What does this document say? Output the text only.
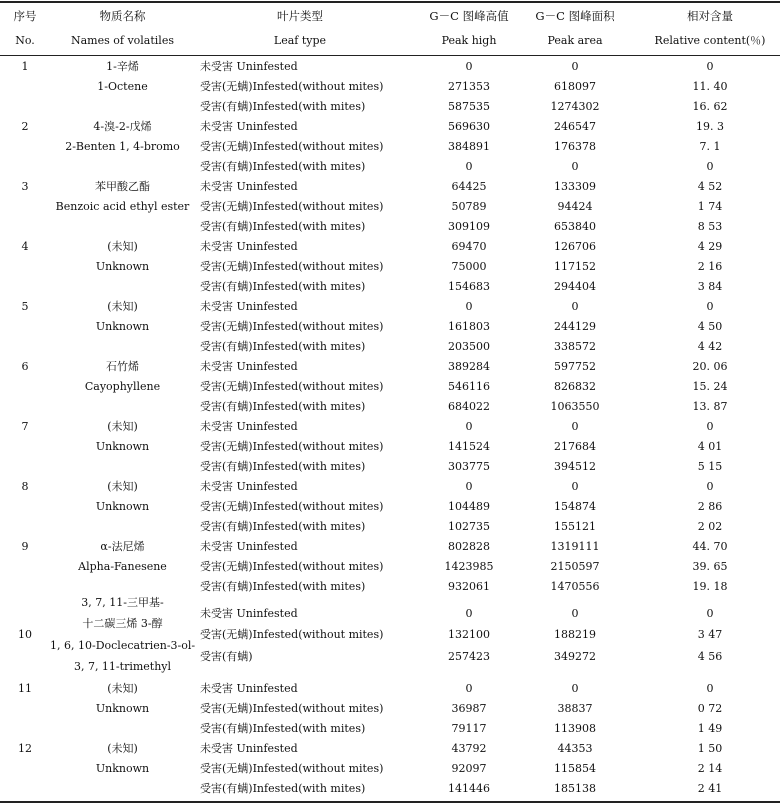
序号	物质名称	叶片类型	G－C 图峰高值	G－C 图峰面积	相对含量
No.	Names of volatiles	Leaf type	Peak high	Peak area	Relative content(％)
1	1-辛烯
1-Octene
未受害 Uninfested	0	0	0
受害(无螨)Infested(without mites)	271353	618097	11. 40
受害(有螨)Infested(with mites)	587535	1274302	16. 62
2	4-溴-2-戊烯
2-Benten 1, 4-bromo
未受害 Uninfested	569630	246547	19. 3
受害(无螨)Infested(without mites)	384891	176378	7. 1
受害(有螨)Infested(with mites)	0	0	0
3	苯甲酸乙酯
Benzoic acid ethyl ester
未受害 Uninfested	64425	133309	4 52
受害(无螨)Infested(without mites)	50789	94424	1 74
受害(有螨)Infested(with mites)	309109	653840	8 53
4	(未知)
Unknown
未受害 Uninfested	69470	126706	4 29
受害(无螨)Infested(without mites)	75000	117152	2 16
受害(有螨)Infested(with mites)	154683	294404	3 84
5	(未知)
Unknown
未受害 Uninfested	0	0	0
受害(无螨)Infested(without mites)	161803	244129	4 50
受害(有螨)Infested(with mites)	203500	338572	4 42
6	石竹烯
Cayophyllene
未受害 Uninfested	389284	597752	20. 06
受害(无螨)Infested(without mites)	546116	826832	15. 24
受害(有螨)Infested(with mites)	684022	1063550	13. 87
7	(未知)
Unknown
未受害 Uninfested	0	0	0
受害(无螨)Infested(without mites)	141524	217684	4 01
受害(有螨)Infested(with mites)	303775	394512	5 15
8	(未知)
Unknown
未受害 Uninfested	0	0	0
受害(无螨)Infested(without mites)	104489	154874	2 86
受害(有螨)Infested(with mites)	102735	155121	2 02
9	α-法尼烯
Alpha-Fanesene
未受害 Uninfested	802828	1319111	44. 70
受害(无螨)Infested(without mites)	1423985	2150597	39. 65
受害(有螨)Infested(with mites)	932061	1470556	19. 18
10
3, 7, 11-三甲基-
十二碳三烯 3-醇
1, 6, 10-Doclecatrien-3-ol-
3, 7, 11-trimethyl
未受害 Uninfested	0	0	0
受害(无螨)Infested(without mites)	132100	188219	3 47
受害(有螨)	257423	349272	4 56
11	(未知)
Unknown
未受害 Uninfested	0	0	0
受害(无螨)Infested(without mites)	36987	38837	0 72
受害(有螨)Infested(with mites)	79117	113908	1 49
12	(未知)
Unknown
未受害 Uninfested	43792	44353	1 50
受害(无螨)Infested(without mites)	92097	115854	2 14
受害(有螨)Infested(with mites)	141446	185138	2 41
